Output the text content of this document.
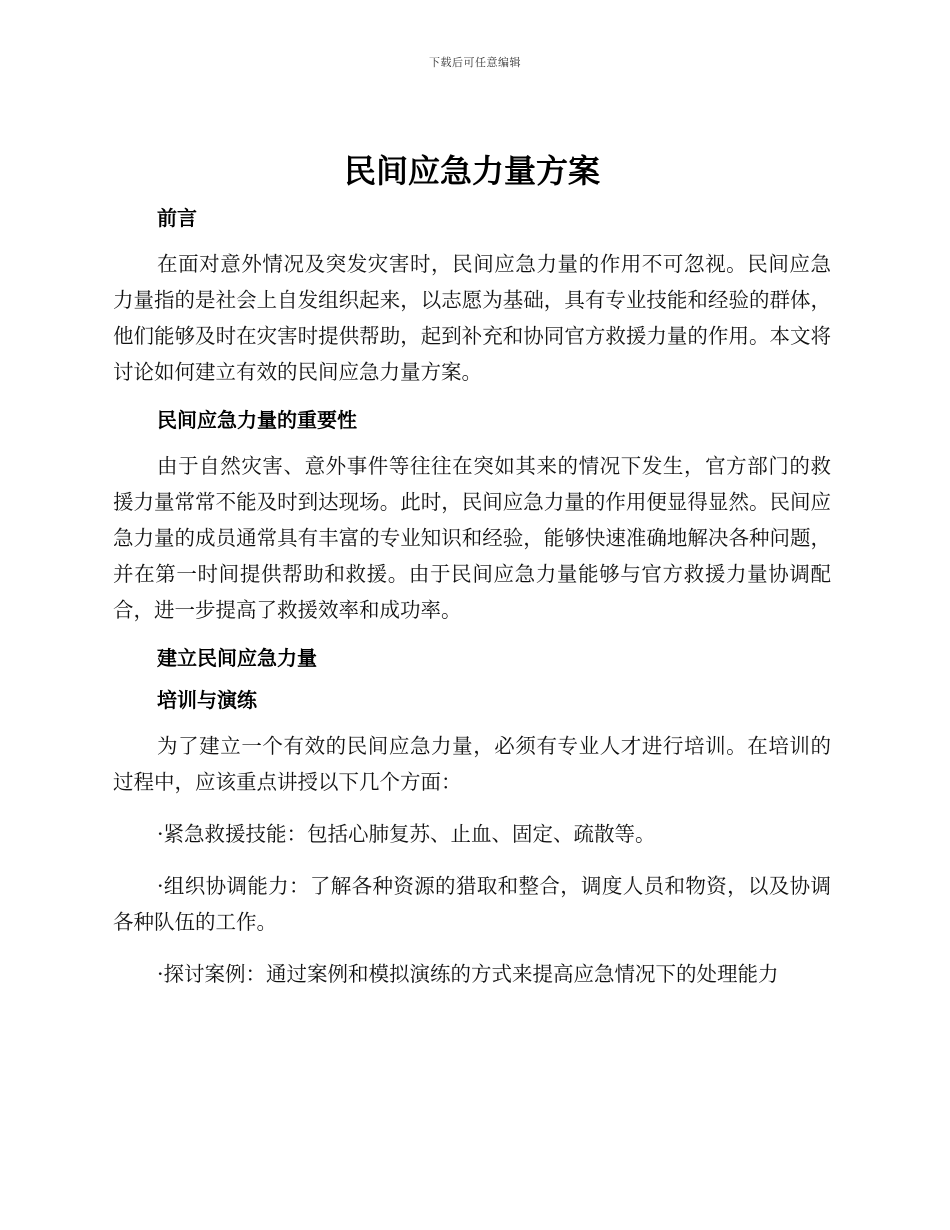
下载后可任意编辑
民间应急力量方案
前言

在面对意外情况及突发灾害时，民间应急力量的作用不可忽视。民间应急力量指的是社会上自发组织起来，以志愿为基础，具有专业技能和经验的群体，他们能够及时在灾害时提供帮助，起到补充和协同官方救援力量的作用。本文将讨论如何建立有效的民间应急力量方案。

民间应急力量的重要性

由于自然灾害、意外事件等往往在突如其来的情况下发生，官方部门的救援力量常常不能及时到达现场。此时，民间应急力量的作用便显得显然。民间应急力量的成员通常具有丰富的专业知识和经验，能够快速准确地解决各种问题，并在第一时间提供帮助和救援。由于民间应急力量能够与官方救援力量协调配合，进一步提高了救援效率和成功率。

建立民间应急力量
培训与演练

为了建立一个有效的民间应急力量，必须有专业人才进行培训。在培训的过程中，应该重点讲授以下几个方面：

·紧急救援技能：包括心肺复苏、止血、固定、疏散等。

·组织协调能力：了解各种资源的猎取和整合，调度人员和物资，以及协调各种队伍的工作。

·探讨案例：通过案例和模拟演练的方式来提高应急情况下的处理能力
